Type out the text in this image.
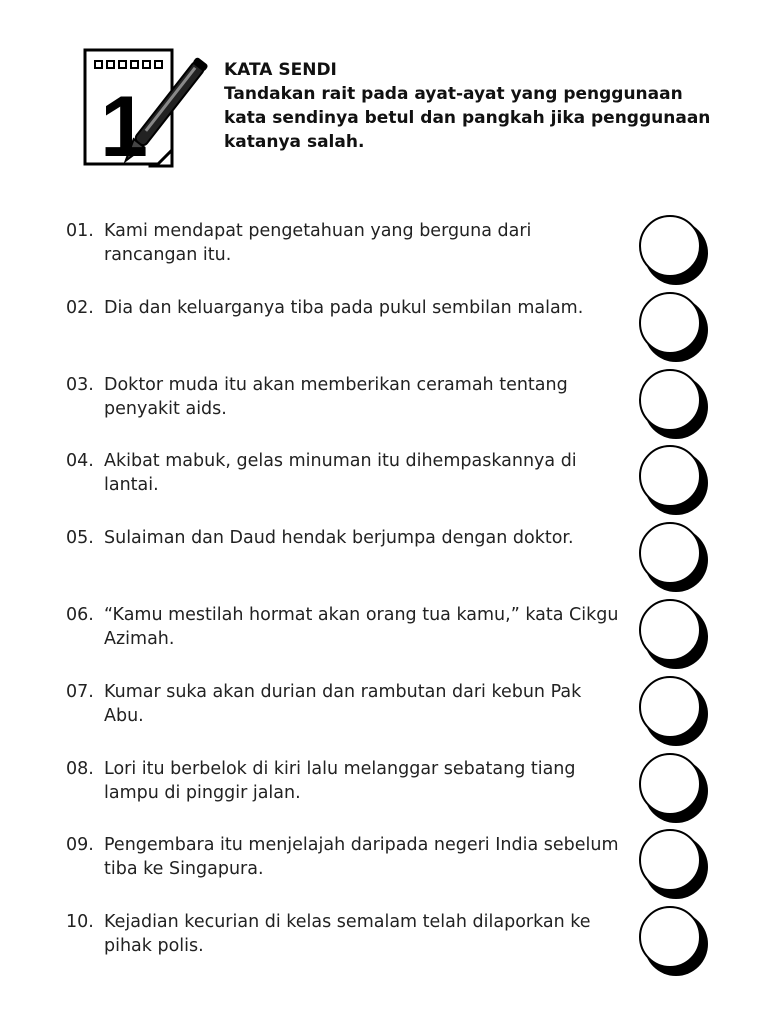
1
KATA SENDI

Tandakan rait pada ayat-ayat yang penggunaan kata sendinya betul dan pangkah jika penggunaan katanya salah.

01. Kami mendapat pengetahuan yang berguna dari rancangan itu.
02. Dia dan keluarganya tiba pada pukul sembilan malam.
03. Doktor muda itu akan memberikan ceramah tentang penyakit aids.
04. Akibat mabuk, gelas minuman itu dihempaskannya di lantai.
05. Sulaiman dan Daud hendak berjumpa dengan doktor.
06. “Kamu mestilah hormat akan orang tua kamu,” kata Cikgu Azimah.
07. Kumar suka akan durian dan rambutan dari kebun Pak Abu.
08. Lori itu berbelok di kiri lalu melanggar sebatang tiang lampu di pinggir jalan.
09. Pengembara itu menjelajah daripada negeri India sebelum tiba ke Singapura.
10. Kejadian kecurian di kelas semalam telah dilaporkan ke pihak polis.
